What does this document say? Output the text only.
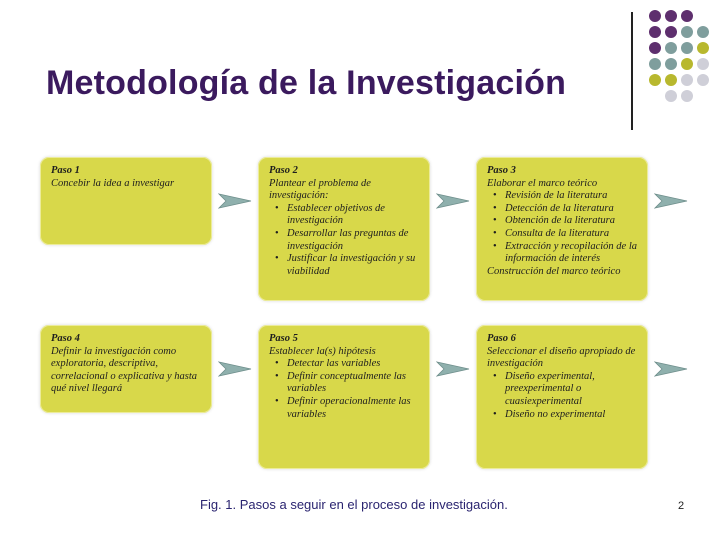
Metodología de la Investigación
Paso 1
Concebir la idea a investigar
Paso 2
Plantear el problema de investigación:
• Establecer objetivos de investigación
• Desarrollar las preguntas de investigación
• Justificar la investigación y su viabilidad
Paso 3
Elaborar el marco teórico
• Revisión de la literatura
• Detección de la literatura
• Obtención de la literatura
• Consulta de la literatura
• Extracción y recopilación de la información de interés
Construcción del marco teórico
Paso 4
Definir la investigación como exploratoria, descriptiva, correlacional o explicativa y hasta qué nivel llegará
Paso 5
Establecer la(s) hipótesis
• Detectar las variables
• Definir conceptualmente las variables
• Definir operacionalmente las variables
Paso 6
Seleccionar el diseño apropiado de investigación
• Diseño experimental, preexperimental o cuasiexperimental
• Diseño no experimental
Fig. 1. Pasos a seguir en el proceso de investigación.	2
